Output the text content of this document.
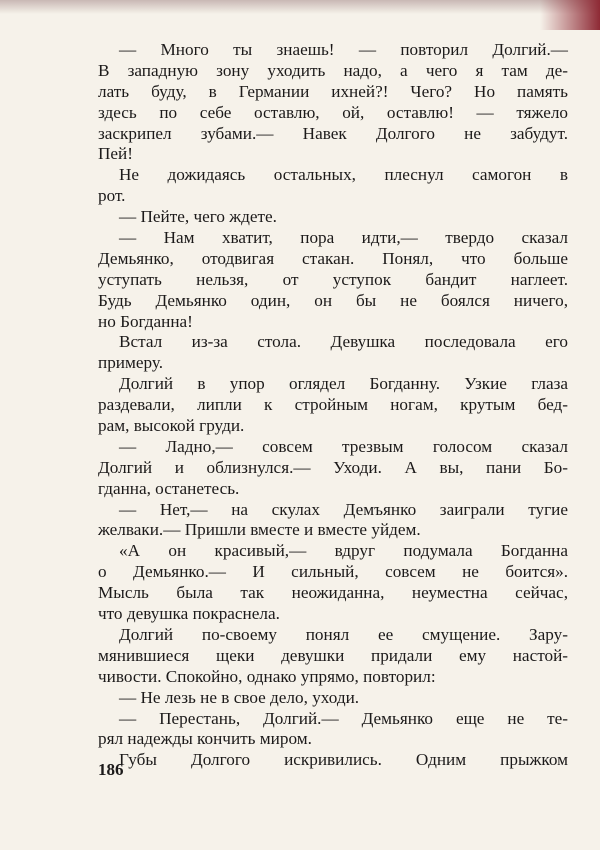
— Много ты знаешь! — повторил Долгий.—
В западную зону уходить надо, а чего я там де-
лать буду, в Германии ихней?! Чего? Но память
здесь по себе оставлю, ой, оставлю! — тяжело
заскрипел зубами.— Навек Долгого не забудут.
Пей!
Не дожидаясь остальных, плеснул самогон в
рот.
— Пейте, чего ждете.
— Нам хватит, пора идти,— твердо сказал
Демьянко, отодвигая стакан. Понял, что больше
уступать нельзя, от уступок бандит наглеет.
Будь Демьянко один, он бы не боялся ничего,
но Богданна!
Встал из-за стола. Девушка последовала его
примеру.
Долгий в упор оглядел Богданну. Узкие глаза
раздевали, липли к стройным ногам, крутым бед-
рам, высокой груди.
— Ладно,— совсем трезвым голосом сказал
Долгий и облизнулся.— Уходи. А вы, пани Бо-
гданна, останетесь.
— Нет,— на скулах Демъянко заиграли тугие
желваки.— Пришли вместе и вместе уйдем.
«А он красивый,— вдруг подумала Богданна
о Демьянко.— И сильный, совсем не боится».
Мысль была так неожиданна, неуместна сейчас,
что девушка покраснела.
Долгий по-своему понял ее смущение. Зару-
мянившиеся щеки девушки придали ему настой-
чивости. Спокойно, однако упрямо, повторил:
— Не лезь не в свое дело, уходи.
— Перестань, Долгий.— Демьянко еще не те-
рял надежды кончить миром.
Губы Долгого искривились. Одним прыжком
186
